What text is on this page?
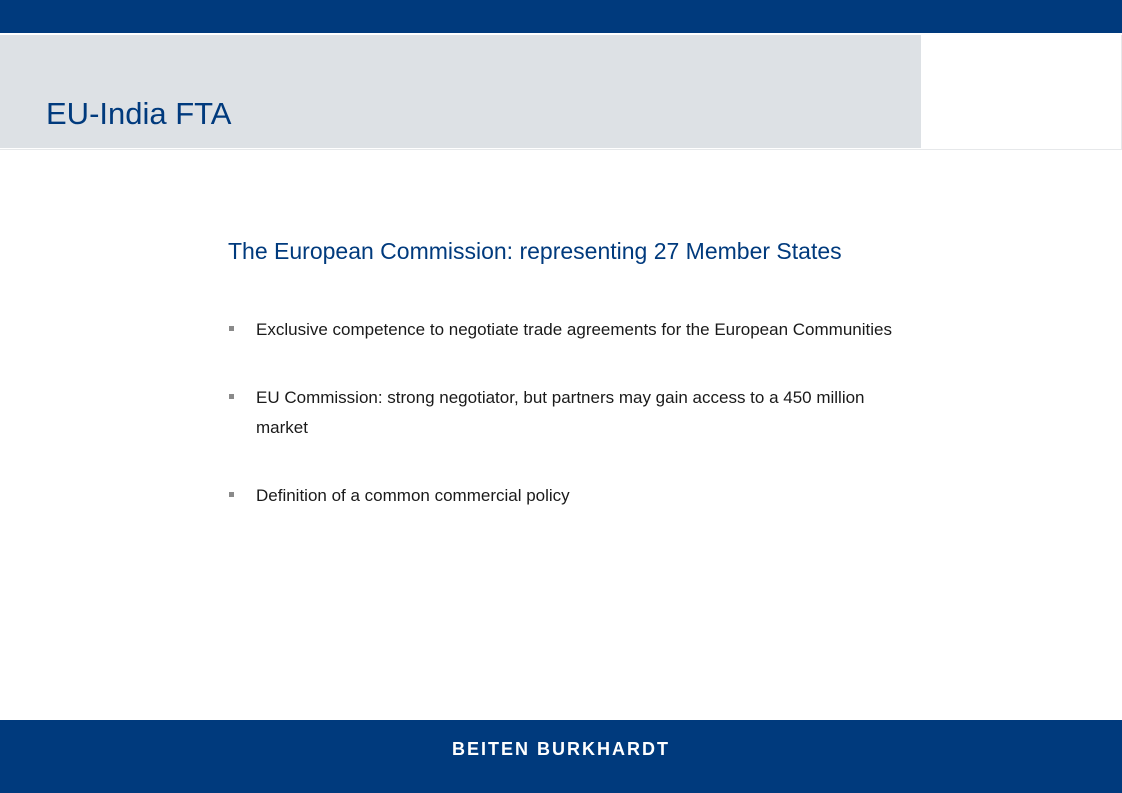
EU-India FTA
The European Commission: representing 27 Member States
Exclusive competence to negotiate trade agreements for the European Communities
EU Commission: strong negotiator, but partners may gain access to a 450 million market
Definition of a common commercial policy
BEITEN BURKHARDT
